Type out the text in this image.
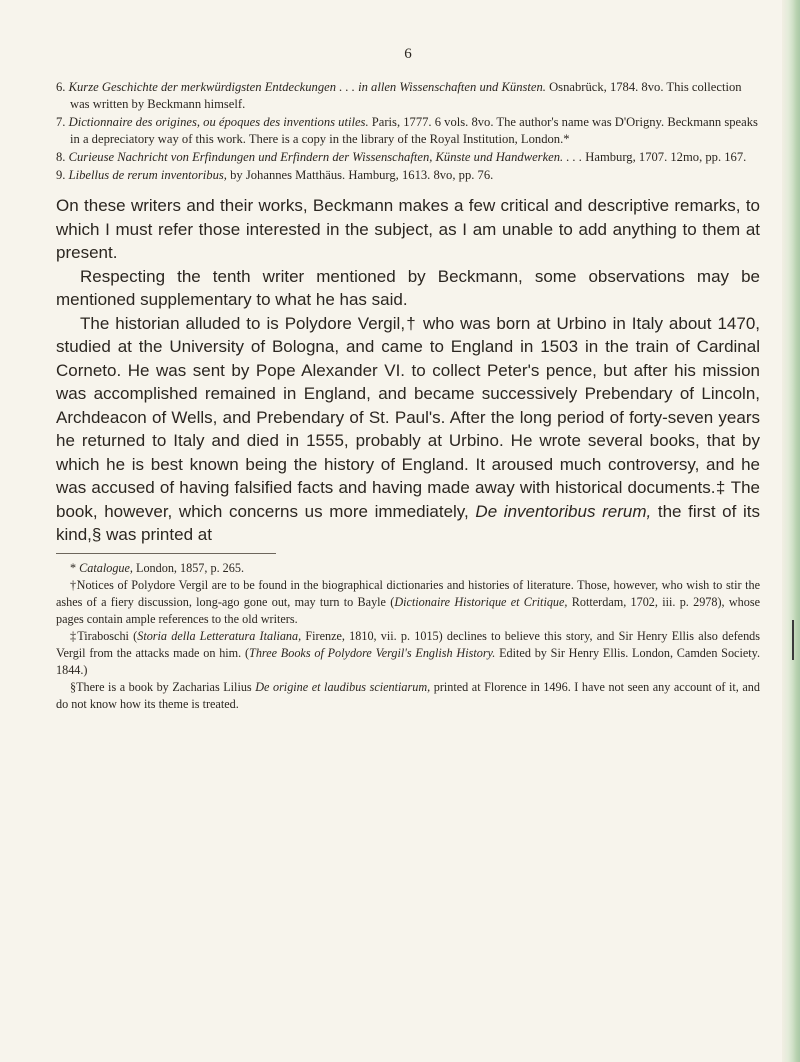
6

6. Kurze Geschichte der merkwürdigsten Entdeckungen . . . in allen Wissenschaften und Künsten. Osnabrück, 1784. 8vo. This collection was written by Beckmann himself.

7. Dictionnaire des origines, ou époques des inventions utiles. Paris, 1777. 6 vols. 8vo. The author's name was D'Origny. Beckmann speaks in a depreciatory way of this work. There is a copy in the library of the Royal Institution, London.*

8. Curieuse Nachricht von Erfindungen und Erfindern der Wissenschaften, Künste und Handwerken. . . . Hamburg, 1707. 12mo, pp. 167.

9. Libellus de rerum inventoribus, by Johannes Matthäus. Hamburg, 1613. 8vo, pp. 76.

On these writers and their works, Beckmann makes a few critical and descriptive remarks, to which I must refer those interested in the subject, as I am unable to add anything to them at present.

Respecting the tenth writer mentioned by Beckmann, some observations may be mentioned supplementary to what he has said.

The historian alluded to is Polydore Vergil,† who was born at Urbino in Italy about 1470, studied at the University of Bologna, and came to England in 1503 in the train of Cardinal Corneto. He was sent by Pope Alexander VI. to collect Peter's pence, but after his mission was accomplished remained in England, and became successively Prebendary of Lincoln, Archdeacon of Wells, and Prebendary of St. Paul's. After the long period of forty-seven years he returned to Italy and died in 1555, probably at Urbino. He wrote several books, that by which he is best known being the history of England. It aroused much controversy, and he was accused of having falsified facts and having made away with historical documents.‡ The book, however, which concerns us more immediately, De inventoribus rerum, the first of its kind,§ was printed at

* Catalogue, London, 1857, p. 265.

†Notices of Polydore Vergil are to be found in the biographical dictionaries and histories of literature. Those, however, who wish to stir the ashes of a fiery discussion, long-ago gone out, may turn to Bayle (Dictionaire Historique et Critique, Rotterdam, 1702, iii. p. 2978), whose pages contain ample references to the old writers.

‡Tiraboschi (Storia della Letteratura Italiana, Firenze, 1810, vii. p. 1015) declines to believe this story, and Sir Henry Ellis also defends Vergil from the attacks made on him. (Three Books of Polydore Vergil's English History. Edited by Sir Henry Ellis. London, Camden Society. 1844.)

§There is a book by Zacharias Lilius De origine et laudibus scientiarum, printed at Florence in 1496. I have not seen any account of it, and do not know how its theme is treated.
